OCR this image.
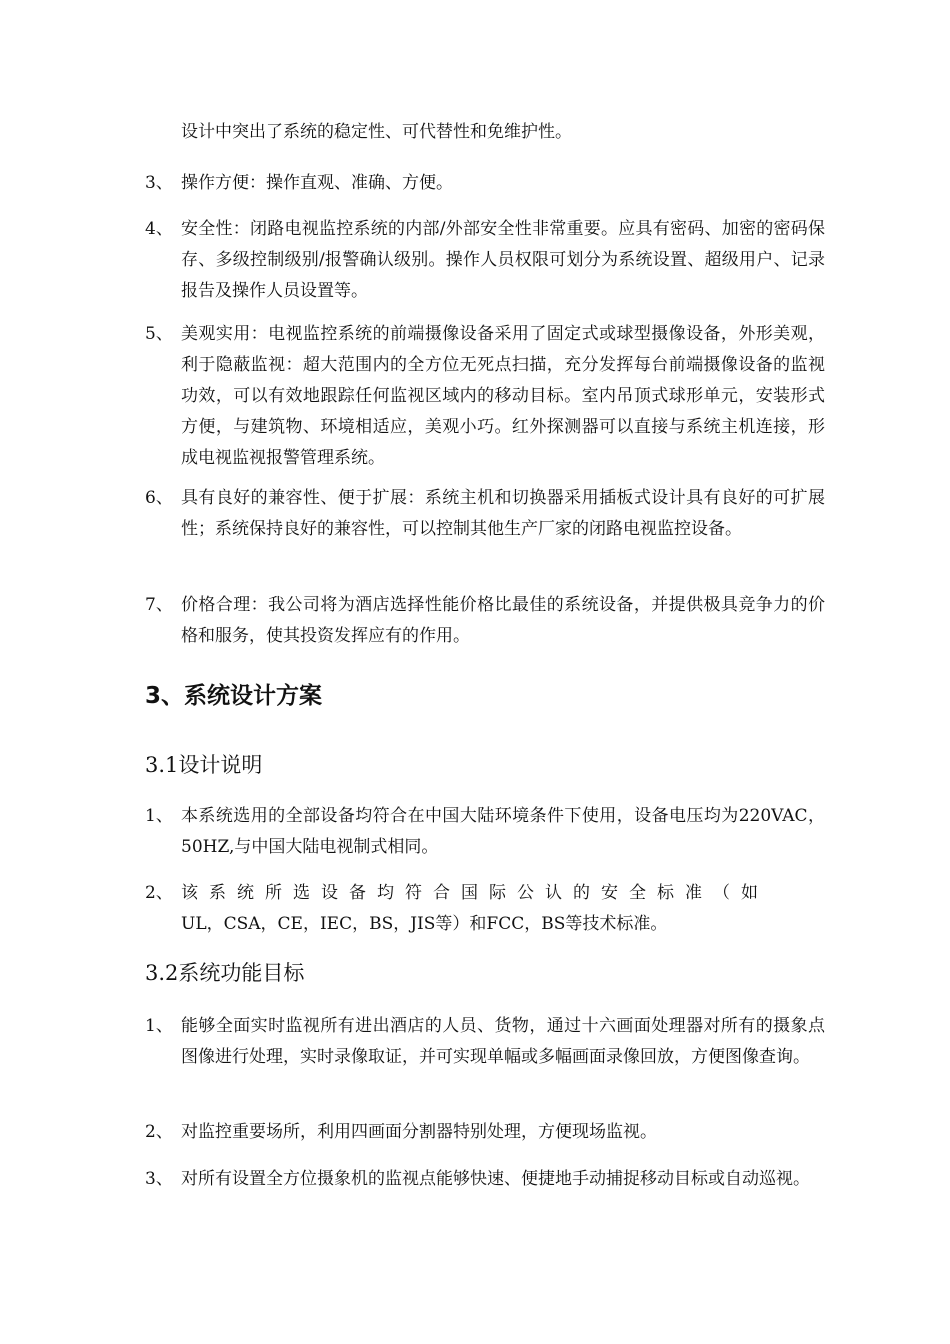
设计中突出了系统的稳定性、可代替性和免维护性。
3、 操作方便：操作直观、准确、方便。
4、 安全性：闭路电视监控系统的内部/外部安全性非常重要。应具有密码、加密的密码保存、多级控制级别/报警确认级别。操作人员权限可划分为系统设置、超级用户、记录报告及操作人员设置等。
5、 美观实用：电视监控系统的前端摄像设备采用了固定式或球型摄像设备，外形美观，利于隐蔽监视：超大范围内的全方位无死点扫描，充分发挥每台前端摄像设备的监视功效，可以有效地跟踪任何监视区域内的移动目标。室内吊顶式球形单元，安装形式方便，与建筑物、环境相适应，美观小巧。红外探测器可以直接与系统主机连接，形成电视监视报警管理系统。
6、 具有良好的兼容性、便于扩展：系统主机和切换器采用插板式设计具有良好的可扩展性；系统保持良好的兼容性，可以控制其他生产厂家的闭路电视监控设备。
7、 价格合理：我公司将为酒店选择性能价格比最佳的系统设备，并提供极具竞争力的价格和服务，使其投资发挥应有的作用。
3、系统设计方案
3.1设计说明
1、 本系统选用的全部设备均符合在中国大陆环境条件下使用，设备电压均为220VAC，50HZ,与中国大陆电视制式相同。
2、 该系统所选设备均符合国际公认的安全标准（如
UL，CSA，CE，IEC，BS，JIS等）和FCC，BS等技术标准。
3.2系统功能目标
1、 能够全面实时监视所有进出酒店的人员、货物，通过十六画面处理器对所有的摄象点图像进行处理，实时录像取证，并可实现单幅或多幅画面录像回放，方便图像查询。
2、 对监控重要场所，利用四画面分割器特别处理，方便现场监视。
3、 对所有设置全方位摄象机的监视点能够快速、便捷地手动捕捉移动目标或自动巡视。
